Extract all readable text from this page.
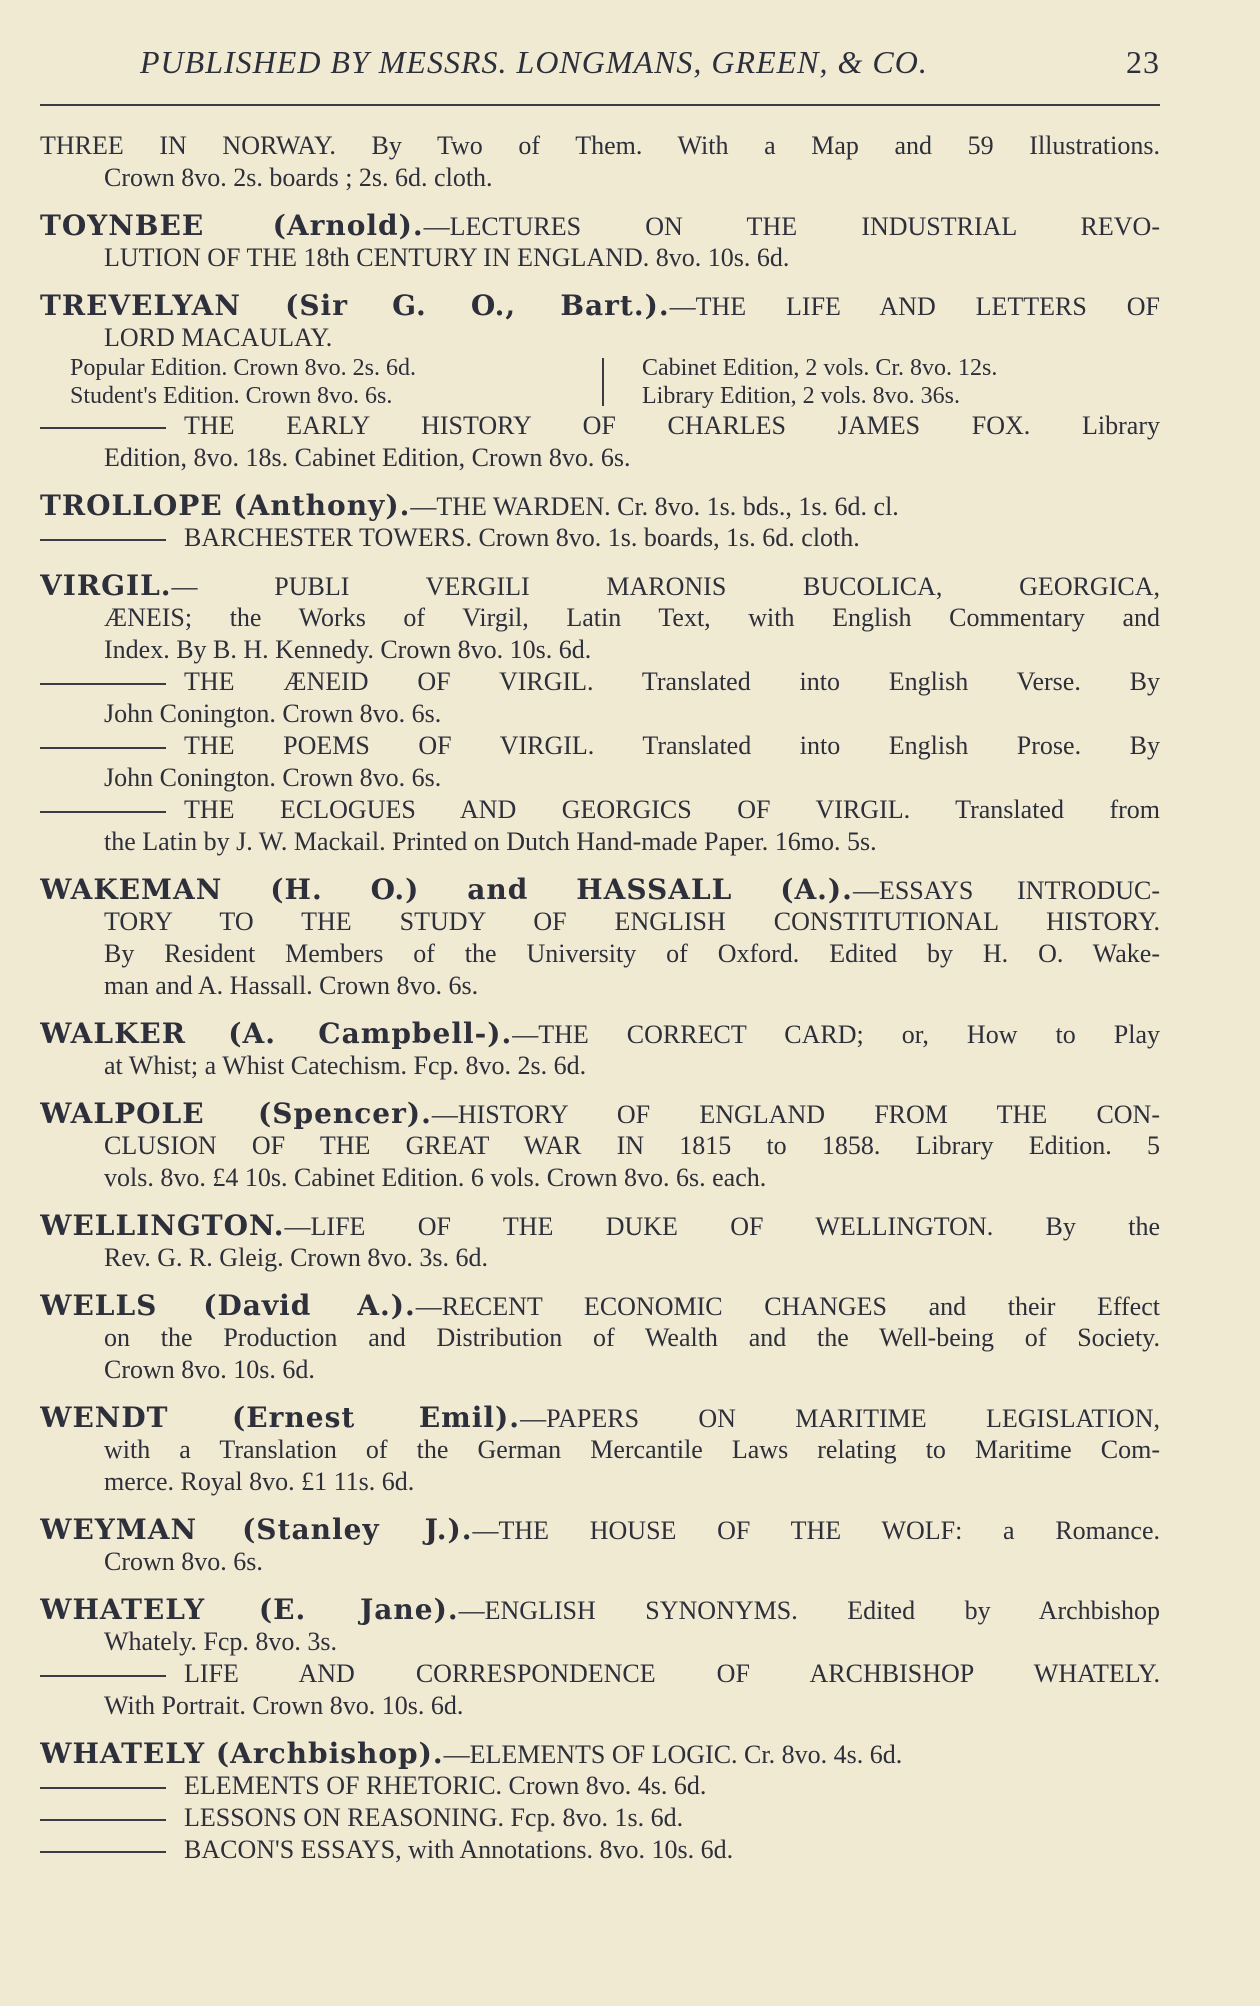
PUBLISHED BY MESSRS. LONGMANS, GREEN, & CO.	23
THREE IN NORWAY. By Two of Them. With a Map and 59 Illustrations.
Crown 8vo. 2s. boards ; 2s. 6d. cloth.
TOYNBEE (Arnold).—LECTURES ON THE INDUSTRIAL REVO-
LUTION OF THE 18th CENTURY IN ENGLAND. 8vo. 10s. 6d.
TREVELYAN (Sir G. O., Bart.).—THE LIFE AND LETTERS OF
LORD MACAULAY.
Popular Edition. Crown 8vo. 2s. 6d.
Student's Edition. Crown 8vo. 6s.
Cabinet Edition, 2 vols. Cr. 8vo. 12s.
Library Edition, 2 vols. 8vo. 36s.
THE EARLY HISTORY OF CHARLES JAMES FOX. Library
Edition, 8vo. 18s. Cabinet Edition, Crown 8vo. 6s.
TROLLOPE (Anthony).—THE WARDEN. Cr. 8vo. 1s. bds., 1s. 6d. cl.
BARCHESTER TOWERS. Crown 8vo. 1s. boards, 1s. 6d. cloth.
VIRGIL.— PUBLI VERGILI MARONIS BUCOLICA, GEORGICA,
ÆNEIS; the Works of Virgil, Latin Text, with English Commentary and
Index. By B. H. Kennedy. Crown 8vo. 10s. 6d.
THE ÆNEID OF VIRGIL. Translated into English Verse. By
John Conington. Crown 8vo. 6s.
THE POEMS OF VIRGIL. Translated into English Prose. By
John Conington. Crown 8vo. 6s.
THE ECLOGUES AND GEORGICS OF VIRGIL. Translated from
the Latin by J. W. Mackail. Printed on Dutch Hand-made Paper. 16mo. 5s.
WAKEMAN (H. O.) and HASSALL (A.).—ESSAYS INTRODUC-
TORY TO THE STUDY OF ENGLISH CONSTITUTIONAL HISTORY.
By Resident Members of the University of Oxford. Edited by H. O. Wake-
man and A. Hassall. Crown 8vo. 6s.
WALKER (A. Campbell-).—THE CORRECT CARD; or, How to Play
at Whist; a Whist Catechism. Fcp. 8vo. 2s. 6d.
WALPOLE (Spencer).—HISTORY OF ENGLAND FROM THE CON-
CLUSION OF THE GREAT WAR IN 1815 to 1858. Library Edition. 5
vols. 8vo. £4 10s. Cabinet Edition. 6 vols. Crown 8vo. 6s. each.
WELLINGTON.—LIFE OF THE DUKE OF WELLINGTON. By the
Rev. G. R. Gleig. Crown 8vo. 3s. 6d.
WELLS (David A.).—RECENT ECONOMIC CHANGES and their Effect
on the Production and Distribution of Wealth and the Well-being of Society.
Crown 8vo. 10s. 6d.
WENDT (Ernest Emil).—PAPERS ON MARITIME LEGISLATION,
with a Translation of the German Mercantile Laws relating to Maritime Com-
merce. Royal 8vo. £1 11s. 6d.
WEYMAN (Stanley J.).—THE HOUSE OF THE WOLF: a Romance.
Crown 8vo. 6s.
WHATELY (E. Jane).—ENGLISH SYNONYMS. Edited by Archbishop
Whately. Fcp. 8vo. 3s.
LIFE AND CORRESPONDENCE OF ARCHBISHOP WHATELY.
With Portrait. Crown 8vo. 10s. 6d.
WHATELY (Archbishop).—ELEMENTS OF LOGIC. Cr. 8vo. 4s. 6d.
ELEMENTS OF RHETORIC. Crown 8vo. 4s. 6d.
LESSONS ON REASONING. Fcp. 8vo. 1s. 6d.
BACON'S ESSAYS, with Annotations. 8vo. 10s. 6d.
